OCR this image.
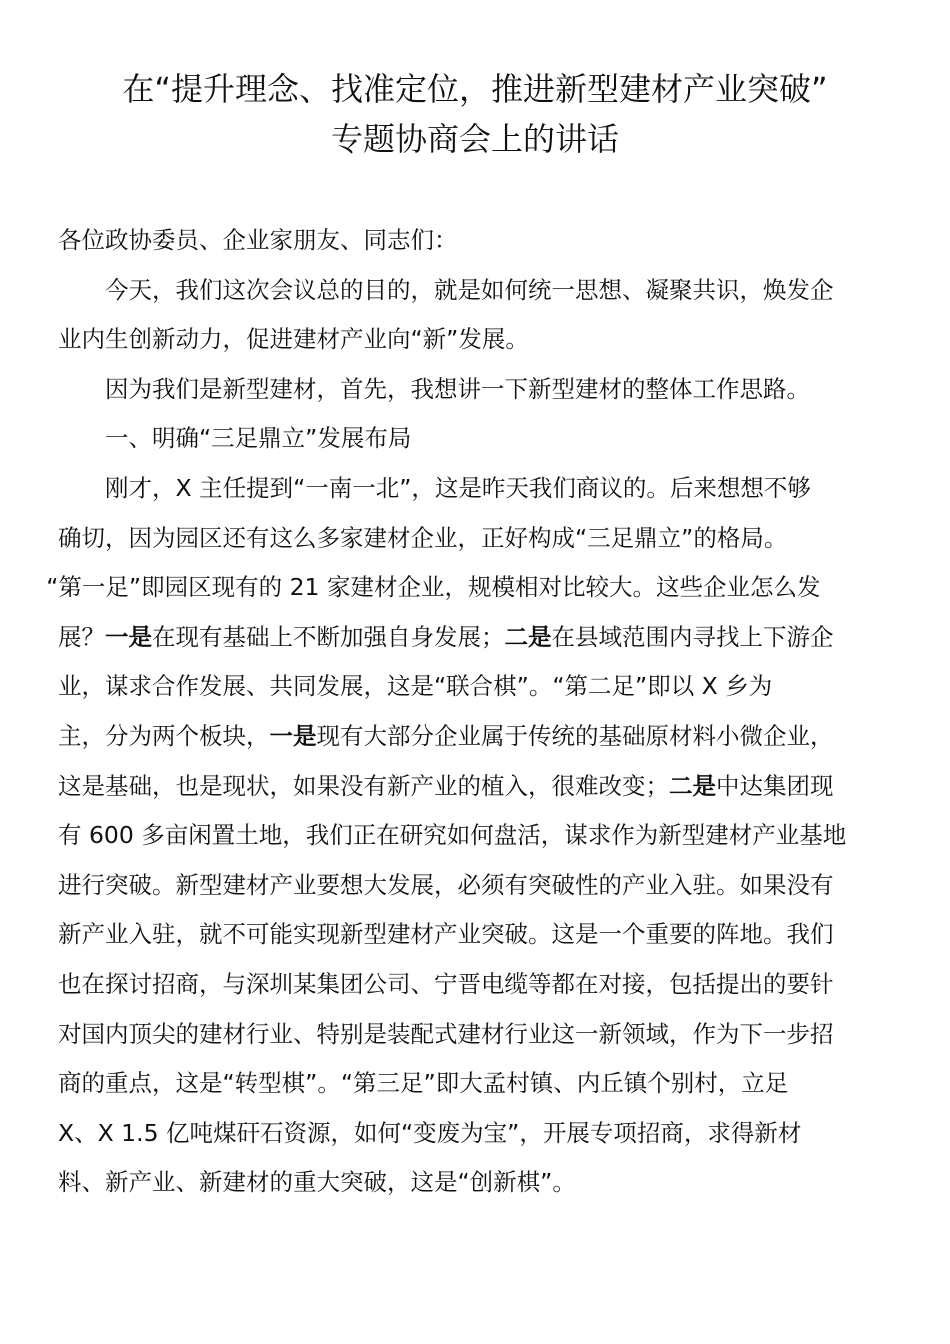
在“提升理念、找准定位，推进新型建材产业突破”
专题协商会上的讲话

各位政协委员、企业家朋友、同志们：

今天，我们这次会议总的目的，就是如何统一思想、凝聚共识，焕发企
业内生创新动力，促进建材产业向“新”发展。

因为我们是新型建材，首先，我想讲一下新型建材的整体工作思路。

一、明确“三足鼎立”发展布局

刚才，X 主任提到“一南一北”，这是昨天我们商议的。后来想想不够
确切，因为园区还有这么多家建材企业，正好构成“三足鼎立”的格局。
“第一足”即园区现有的 21 家建材企业，规模相对比较大。这些企业怎么发
展？一是在现有基础上不断加强自身发展；二是在县域范围内寻找上下游企
业，谋求合作发展、共同发展，这是“联合棋”。“第二足”即以 X 乡为
主，分为两个板块，一是现有大部分企业属于传统的基础原材料小微企业，
这是基础，也是现状，如果没有新产业的植入，很难改变；二是中达集团现
有 600 多亩闲置土地，我们正在研究如何盘活，谋求作为新型建材产业基地
进行突破。新型建材产业要想大发展，必须有突破性的产业入驻。如果没有
新产业入驻，就不可能实现新型建材产业突破。这是一个重要的阵地。我们
也在探讨招商，与深圳某集团公司、宁晋电缆等都在对接，包括提出的要针
对国内顶尖的建材行业、特别是装配式建材行业这一新领域，作为下一步招
商的重点，这是“转型棋”。“第三足”即大孟村镇、内丘镇个别村，立足
X、X 1.5 亿吨煤矸石资源，如何“变废为宝”，开展专项招商，求得新材
料、新产业、新建材的重大突破，这是“创新棋”。
